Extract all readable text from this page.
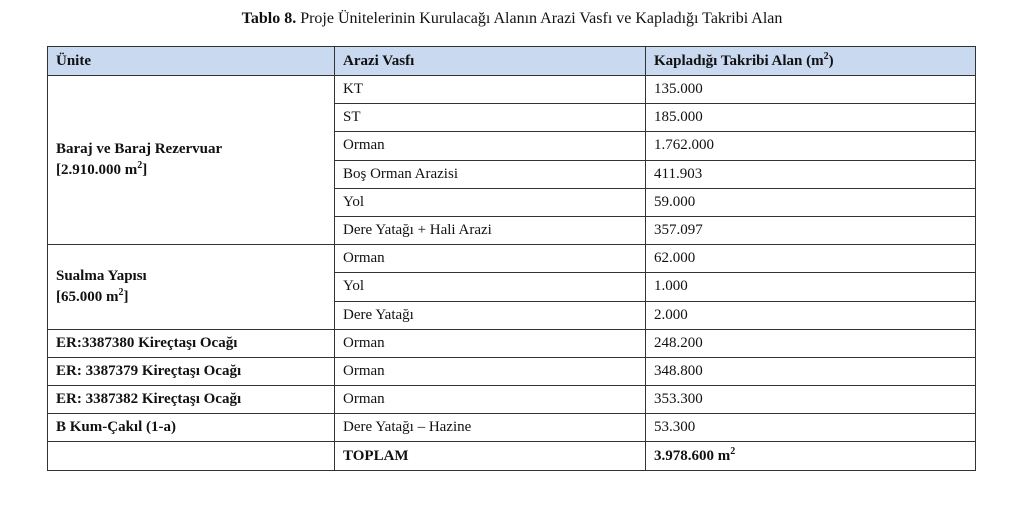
Tablo 8. Proje Ünitelerinin Kurulacağı Alanın Arazi Vasfı ve Kapladığı Takribi Alan
Ünite	Arazi Vasfı	Kapladığı Takribi Alan $(m^2)$

Baraj ve Baraj Rezervuar
[2.910.000 $m^2$]	KT	135.000
	ST	185.000
	Orman	1.762.000
	Boş Orman Arazisi	411.903
	Yol	59.000
	Dere Yatağı + Hali Arazi	357.097

Sualma Yapısı
[65.000 $m^2$]	Orman	62.000
	Yol	1.000
	Dere Yatağı	2.000
ER:3387380 Kireçtaşı Ocağı	Orman	248.200
ER: 3387379 Kireçtaşı Ocağı	Orman	348.800
ER: 3387382 Kireçtaşı Ocağı	Orman	353.300
B Kum-Çakıl (1-a)	Dere Yatağı – Hazine	53.300
	TOPLAM	3.978.600 $m^2$
